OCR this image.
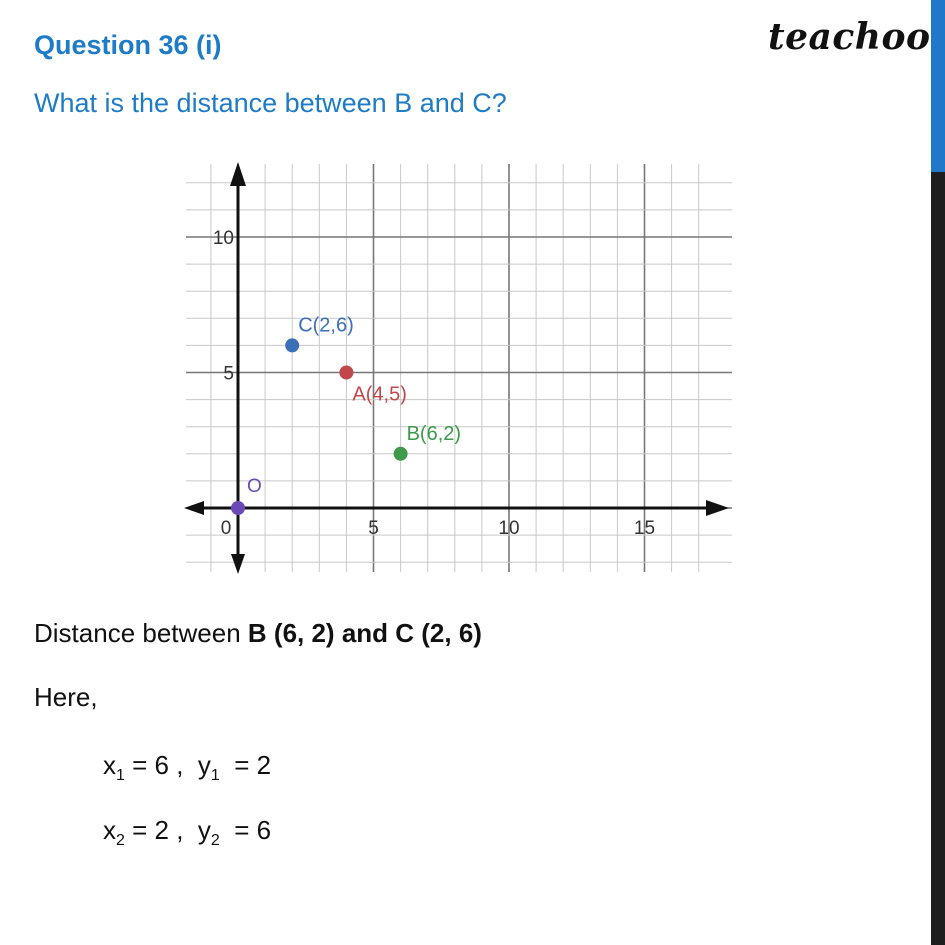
Question 36 (i)

What is the distance between B and C?

teachoo
0	5	10	15
5
10
C(2,6)
A(4,5)
B(6,2)
O

Distance between B (6, 2) and C (2, 6)

Here,

$x_1 = 6$ ,  $y_1 = 2$

$x_2 = 2$ ,  $y_2 = 6$
